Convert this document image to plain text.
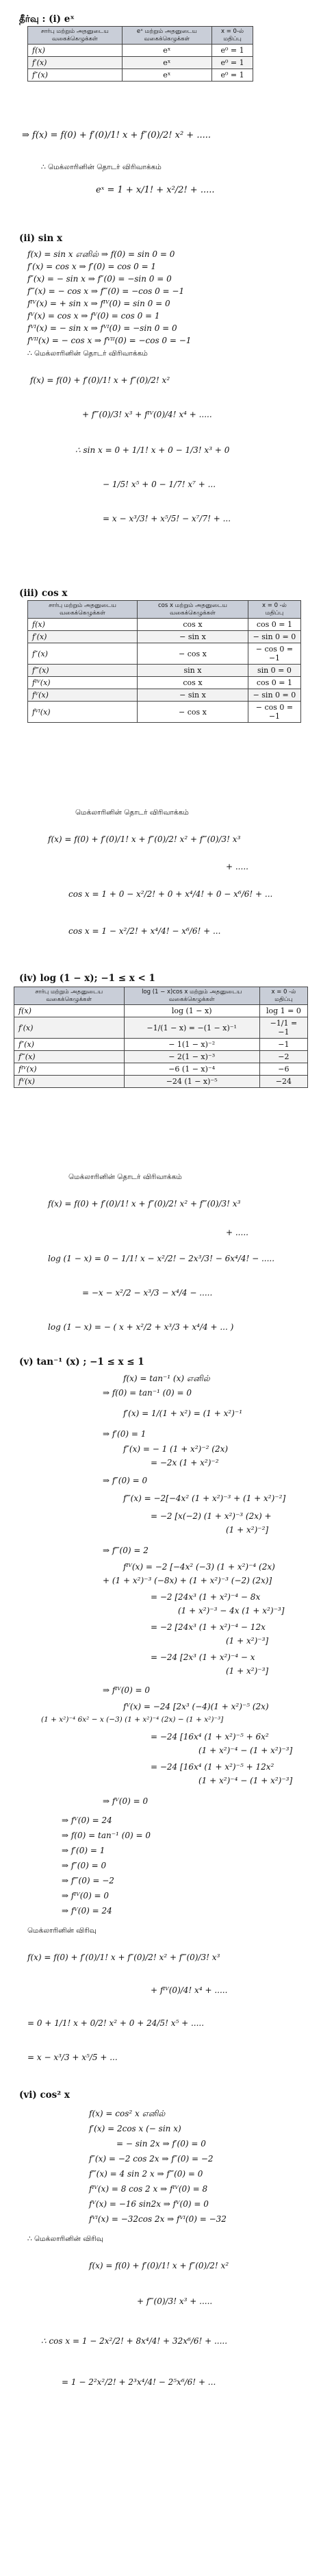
தீர்வு : (i) eˣ
சார்பு மற்றும் அதனுடைய வகைக்கெழுக்கள்	eˣ மற்றும் அதனுடைய வகைக்கெழுக்கள்	x = 0-ல் மதிப்பு
f(x)	eˣ	e⁰ = 1
f′(x)	eˣ	e⁰ = 1
f″(x)	eˣ	e⁰ = 1
⇒ f(x) = f(0) + f′(0)/1! x + f″(0)/2! x² + .....
∴ மெக்லாரினின் தொடர் விரிவாக்கம்
eˣ = 1 + x/1! + x²/2! + .....
(ii) sin x
f(x) = sin x எனில் ⇒ f(0) = sin 0 = 0
f′(x) = cos x ⇒ f′(0) = cos 0 = 1
f″(x) = − sin x ⇒ f″(0) = −sin 0 = 0
f‴(x) = − cos x ⇒ f‴(0) = −cos 0 = −1
fᴵⱽ(x) = + sin x ⇒ fᴵⱽ(0) = sin 0 = 0
fⱽ(x) = cos x ⇒ fⱽ(0) = cos 0 = 1
fⱽᴵ(x) = − sin x ⇒ fⱽᴵ(0) = −sin 0 = 0
fⱽᴵᴵ(x) = − cos x ⇒ fⱽᴵᴵ(0) = −cos 0 = −1
∴ மெக்லாரினின் தொடர் விரிவாக்கம்
f(x) = f(0) + f′(0)/1! x + f″(0)/2! x²
+ f‴(0)/3! x³ + fᴵⱽ(0)/4! x⁴ + .....
∴ sin x = 0 + 1/1! x + 0 − 1/3! x³ + 0
− 1/5! x⁵ + 0 − 1/7! x⁷ + ...
= x − x³/3! + x⁵/5! − x⁷/7! + ...
(iii) cos x
சார்பு மற்றும் அதனுடைய வகைக்கெழுக்கள்	cos x மற்றும் அதனுடைய வகைக்கெழுக்கள்	x = 0 -ல் மதிப்பு
f(x)	cos x	cos 0 = 1
f′(x)	− sin x	− sin 0 = 0
f″(x)	− cos x	− cos 0 = −1
f‴(x)	sin x	sin 0 = 0
fᴵⱽ(x)	cos x	cos 0 = 1
fⱽ(x)	− sin x	− sin 0 = 0
fⱽᴵ(x)	− cos x	− cos 0 = −1
மெக்லாரினின் தொடர் விரிவாக்கம்
f(x) = f(0) + f′(0)/1! x + f″(0)/2! x² + f‴(0)/3! x³
+ .....
cos x = 1 + 0 − x²/2! + 0 + x⁴/4! + 0 − x⁶/6! + ...
cos x = 1 − x²/2! + x⁴/4! − x⁶/6! + ...
(iv) log (1 − x); −1 ≤ x < 1
சார்பு மற்றும் அதனுடைய வகைக்கெழுக்கள்	log (1 − x)cos x மற்றும் அதனுடைய வகைக்கெழுக்கள்	x = 0 -ல் மதிப்பு
f(x)	log (1 − x)	log 1 = 0
f′(x)	−1/(1 − x) = −(1 − x)⁻¹	−1/1 = −1
f″(x)	− 1(1 − x)⁻²	−1
f‴(x)	− 2(1 − x)⁻³	−2
fᴵⱽ(x)	−6 (1 − x)⁻⁴	−6
fⱽ(x)	−24 (1 − x)⁻⁵	−24
மெக்லாரினின் தொடர் விரிவாக்கம்
f(x) = f(0) + f′(0)/1! x + f″(0)/2! x² + f‴(0)/3! x³
+ .....
log (1 − x) = 0 − 1/1! x − x²/2! − 2x³/3! − 6x⁴/4! − .....
= −x − x²/2 − x³/3 − x⁴/4 − .....
log (1 − x) = − ( x + x²/2 + x³/3 + x⁴/4 + ... )
(v) tan⁻¹ (x) ; −1 ≤ x ≤ 1
f(x) = tan⁻¹ (x) எனில்
⇒ f(0) = tan⁻¹ (0) = 0
f′(x) = 1/(1 + x²) = (1 + x²)⁻¹
⇒ f′(0) = 1
f″(x) = − 1 (1 + x²)⁻² (2x)
= −2x (1 + x²)⁻²
⇒ f″(0) = 0
f‴(x) = −2[−4x² (1 + x²)⁻³ + (1 + x²)⁻²]
= −2 [x(−2) (1 + x²)⁻³ (2x) +
(1 + x²)⁻²]
⇒ f‴(0) = 2
fᴵⱽ(x) = −2 [−4x² (−3) (1 + x²)⁻⁴ (2x)
+ (1 + x²)⁻³ (−8x) + (1 + x²)⁻³ (−2) (2x)]
= −2 [24x³ (1 + x²)⁻⁴ − 8x
(1 + x²)⁻³ − 4x (1 + x²)⁻³]
= −2 [24x³ (1 + x²)⁻⁴ − 12x
(1 + x²)⁻³]
= −24 [2x³ (1 + x²)⁻⁴ − x
(1 + x²)⁻³]
⇒ fᴵⱽ(0) = 0
fⱽ(x) = −24 [2x³ (−4)(1 + x²)⁻⁵ (2x)
(1 + x²)⁻⁴ 6x² − x (−3) (1 + x²)⁻⁴ (2x) − (1 + x²)⁻³]
= −24 [16x⁴ (1 + x²)⁻⁵ + 6x²
(1 + x²)⁻⁴ − (1 + x²)⁻³]
= −24 [16x⁴ (1 + x²)⁻⁵ + 12x²
(1 + x²)⁻⁴ − (1 + x²)⁻³]
⇒ fⱽ(0) = 0
⇒ fⱽ(0) = 24
⇒ f(0) = tan⁻¹ (0) = 0
⇒ f′(0) = 1
⇒ f″(0) = 0
⇒ f‴(0) = −2
⇒ fᴵⱽ(0) = 0
⇒ fⱽ(0) = 24
மெக்லாரினின் விரிவு
f(x) = f(0) + f′(0)/1! x + f″(0)/2! x² + f‴(0)/3! x³
+ fᴵⱽ(0)/4! x⁴ + .....
= 0 + 1/1! x + 0/2! x² + 0 + 24/5! x⁵ + .....
= x − x³/3 + x⁵/5 + ...
(vi) cos² x
f(x) = cos² x எனில்
f′(x) = 2cos x (− sin x)
= − sin 2x ⇒ f′(0) = 0
f″(x) = −2 cos 2x ⇒ f″(0) = −2
f‴(x) = 4 sin 2 x ⇒ f‴(0) = 0
fᴵⱽ(x) = 8 cos 2 x ⇒ fᴵⱽ(0) = 8
fⱽ(x) = −16 sin2x ⇒ fⱽ(0) = 0
fⱽᴵ(x) = −32cos 2x ⇒ fⱽᴵ(0) = −32
∴ மெக்லாரினின் விரிவு
f(x) = f(0) + f′(0)/1! x + f″(0)/2! x²
+ f‴(0)/3! x³ + .....
∴ cos x = 1 − 2x²/2! + 8x⁴/4! + 32x⁶/6! + .....
= 1 − 2²x²/2! + 2³x⁴/4! − 2⁵x⁶/6! + ...
